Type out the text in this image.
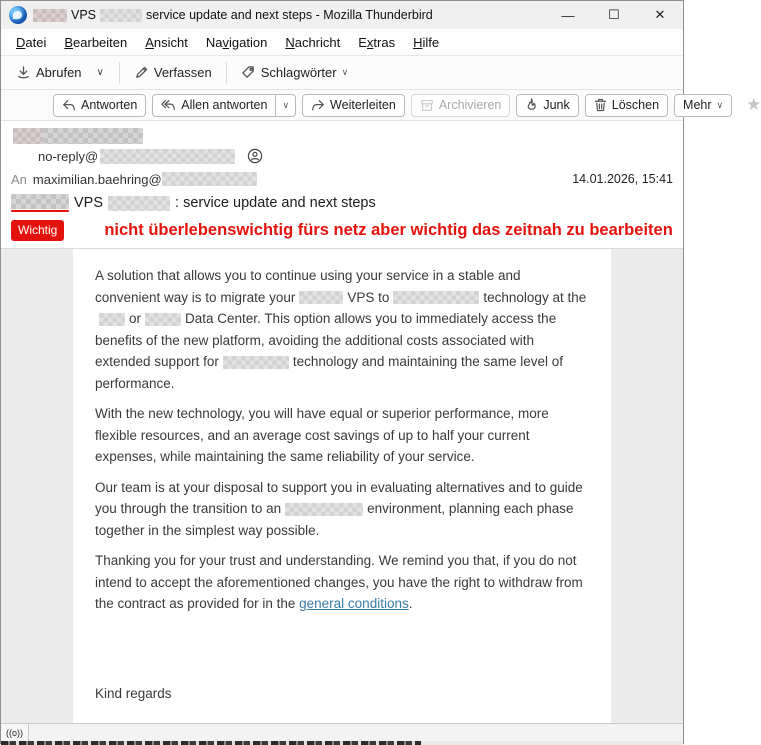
VPS	service update and next steps - Mozilla Thunderbird	—	☐	✕
Datei	Bearbeiten	Ansicht	Navigation	Nachricht	Extras	Hilfe
Abrufen	∨	Verfassen	Schlagwörter ∨
Antworten	Allen antworten ∨	Weiterleiten	Archivieren	Junk	Löschen Mehr ∨ ★
no-reply@
An maximilian.baehring@	14.01.2026, 15:41
VPS	: service update and next steps
Wichtig	nicht überlebenswichtig fürs netz aber wichtig das zeitnah zu bearbeiten

A solution that allows you to continue using your service in a stable and convenient way is to migrate your	VPS to	technology at theor	Data Center. This option allows you to immediately access the benefits of the new platform, avoiding the additional costs associated with extended support for	technology and maintaining the same level of performance.

With the new technology, you will have equal or superior performance, more flexible resources, and an average cost savings of up to half your current expenses, while maintaining the same reliability of your service.

Our team is at your disposal to support you in evaluating alternatives and to guide you through the transition to an	environment, planning each phase together in the simplest way possible.

Thanking you for your trust and understanding. We remind you that, if you do not intend to accept the aforementioned changes, you have the right to withdraw from the contract as provided for in the general conditions.

Kind regards

((o))
